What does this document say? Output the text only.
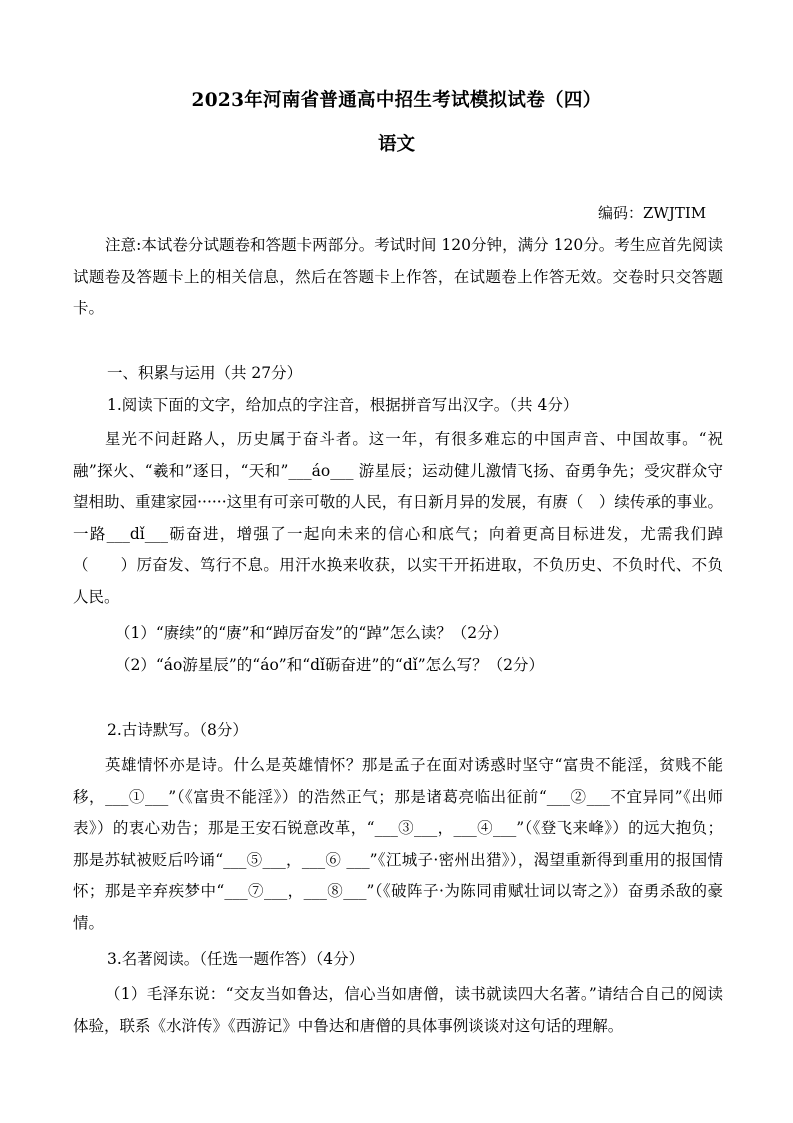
2023年河南省普通高中招生考试模拟试卷（四）
语文
编码：ZWJTIM

注意:本试卷分试题卷和答题卡两部分。考试时间 120分钟，满分 120分。考生应首先阅读试题卷及答题卡上的相关信息，然后在答题卡上作答，在试题卷上作答无效。交卷时只交答题卡。

一、积累与运用（共 27分）
1.阅读下面的文字，给加点的字注音，根据拼音写出汉字。（共 4分）

星光不问赶路人，历史属于奋斗者。这一年，有很多难忘的中国声音、中国故事。“祝融”探火、“羲和”逐日，“天和”___áo___ 游星辰；运动健儿激情飞扬、奋勇争先；受灾群众守望相助、重建家园······这里有可亲可敬的人民，有日新月异的发展，有赓（　）续传承的事业。一路___dǐ___砺奋进，增强了一起向未来的信心和底气；向着更高目标进发，尤需我们踔（　　）厉奋发、笃行不息。用汗水换来收获，以实干开拓进取，不负历史、不负时代、不负人民。

（1）“赓续”的“赓”和“踔厉奋发”的“踔”怎么读？（2分）
（2）“áo游星辰”的“áo”和“dǐ砺奋进”的“dǐ”怎么写？（2分）
2.古诗默写。（8分）

英雄情怀亦是诗。什么是英雄情怀？那是孟子在面对诱惑时坚守“富贵不能淫，贫贱不能移，___①___”（《富贵不能淫》）的浩然正气；那是诸葛亮临出征前“___②___不宜异同”《出师表》）的衷心劝告；那是王安石锐意改革，“___③___，___④___”（《登飞来峰》）的远大抱负；那是苏轼被贬后吟诵“___⑤___，___⑥ ___”《江城子·密州出猎》），渴望重新得到重用的报国情怀；那是辛弃疾梦中“___⑦___，___⑧___”（《破阵子·为陈同甫赋壮词以寄之》）奋勇杀敌的豪情。

3.名著阅读。（任选一题作答）（4分）

（1）毛泽东说：“交友当如鲁达，信心当如唐僧，读书就读四大名著。”请结合自己的阅读体验，联系《水浒传》《西游记》中鲁达和唐僧的具体事例谈谈对这句话的理解。
